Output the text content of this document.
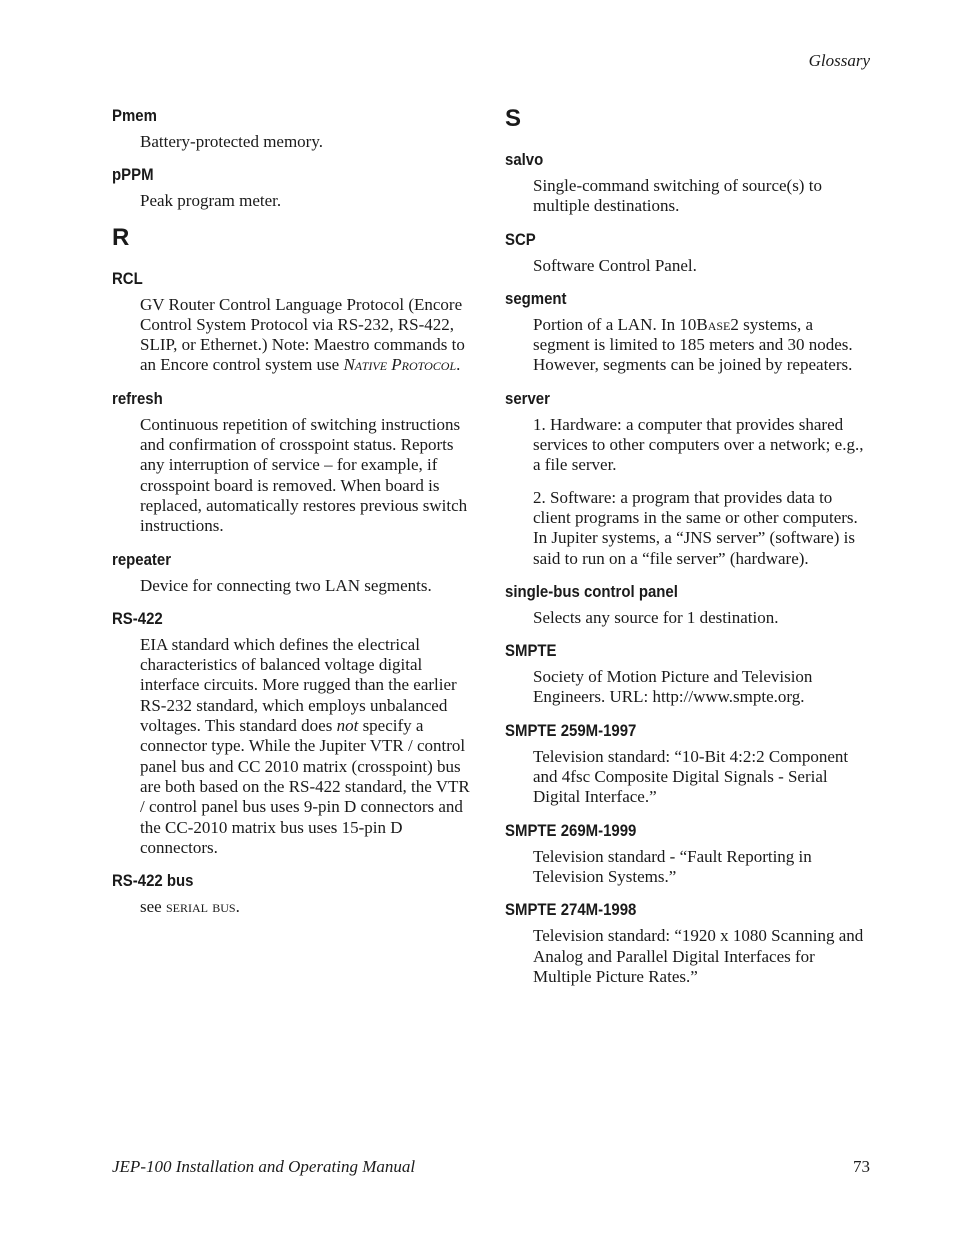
Glossary
Pmem
Battery-protected memory.
pPPM
Peak program meter.
R
RCL
GV Router Control Language Protocol (Encore Control System Protocol via RS-232, RS-422, SLIP, or Ethernet.) Note: Maestro commands to an Encore control system use Native Protocol.
refresh
Continuous repetition of switching instructions and confirmation of crosspoint status. Reports any interruption of service – for example, if crosspoint board is removed. When board is replaced, automatically restores previous switch instructions.
repeater
Device for connecting two LAN segments.
RS-422
EIA standard which defines the electrical characteristics of balanced voltage digital interface circuits. More rugged than the earlier RS-232 standard, which employs unbalanced voltages. This standard does not specify a connector type. While the Jupiter VTR / control panel bus and CC 2010 matrix (crosspoint) bus are both based on the RS-422 standard, the VTR / control panel bus uses 9-pin D connectors and the CC-2010 matrix bus uses 15-pin D connectors.
RS-422 bus
see serial bus.
S
salvo
Single-command switching of source(s) to multiple destinations.
SCP
Software Control Panel.
segment
Portion of a LAN. In 10Base2 systems, a segment is limited to 185 meters and 30 nodes. However, segments can be joined by repeaters.
server
1. Hardware: a computer that provides shared services to other computers over a network; e.g., a file server.
2. Software: a program that provides data to client programs in the same or other computers. In Jupiter systems, a “JNS server” (software) is said to run on a “file server” (hardware).
single-bus control panel
Selects any source for 1 destination.
SMPTE
Society of Motion Picture and Television Engineers. URL: http://www.smpte.org.
SMPTE 259M-1997
Television standard: “10-Bit 4:2:2 Component and 4fsc Composite Digital Signals - Serial Digital Interface.”
SMPTE 269M-1999
Television standard - “Fault Reporting in Television Systems.”
SMPTE 274M-1998
Television standard: “1920 x 1080 Scanning and Analog and Parallel Digital Interfaces for Multiple Picture Rates.”
JEP-100 Installation and Operating Manual	73
